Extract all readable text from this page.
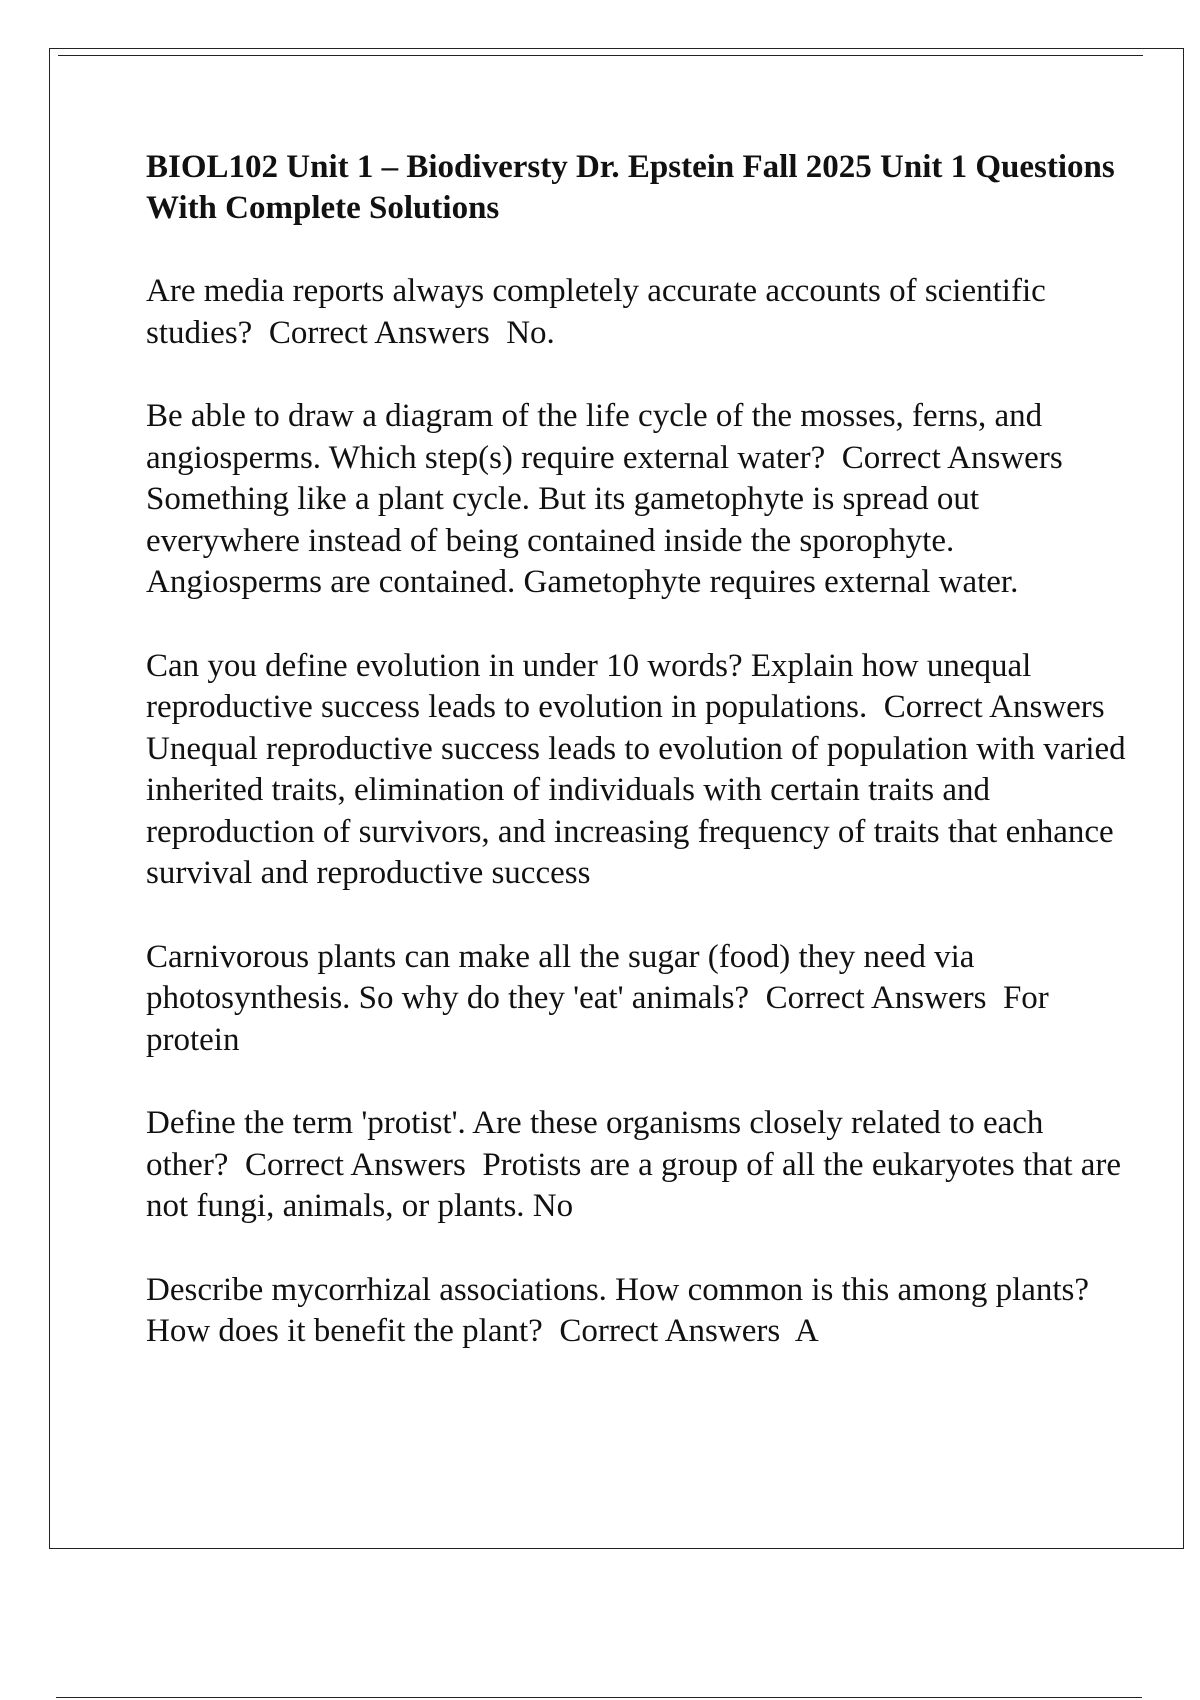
BIOL102 Unit 1 – Biodiversty Dr. Epstein Fall 2025 Unit 1 Questions With Complete Solutions

Are media reports always completely accurate accounts of scientific studies? Correct Answers No.

Be able to draw a diagram of the life cycle of the mosses, ferns, and angiosperms. Which step(s) require external water? Correct Answers  Something like a plant cycle. But its gametophyte is spread out everywhere instead of being contained inside the sporophyte. Angiosperms are contained. Gametophyte requires external water.

Can you define evolution in under 10 words? Explain how unequal reproductive success leads to evolution in populations. Correct Answers  Unequal reproductive success leads to evolution of population with varied inherited traits, elimination of individuals with certain traits and reproduction of survivors, and increasing frequency of traits that enhance survival and reproductive success

Carnivorous plants can make all the sugar (food) they need via photosynthesis. So why do they 'eat' animals? Correct Answers For protein

Define the term 'protist'. Are these organisms closely related to each other? Correct Answers Protists are a group of all the eukaryotes that are not fungi, animals, or plants. No

Describe mycorrhizal associations. How common is this among plants? How does it benefit the plant? Correct Answers A
